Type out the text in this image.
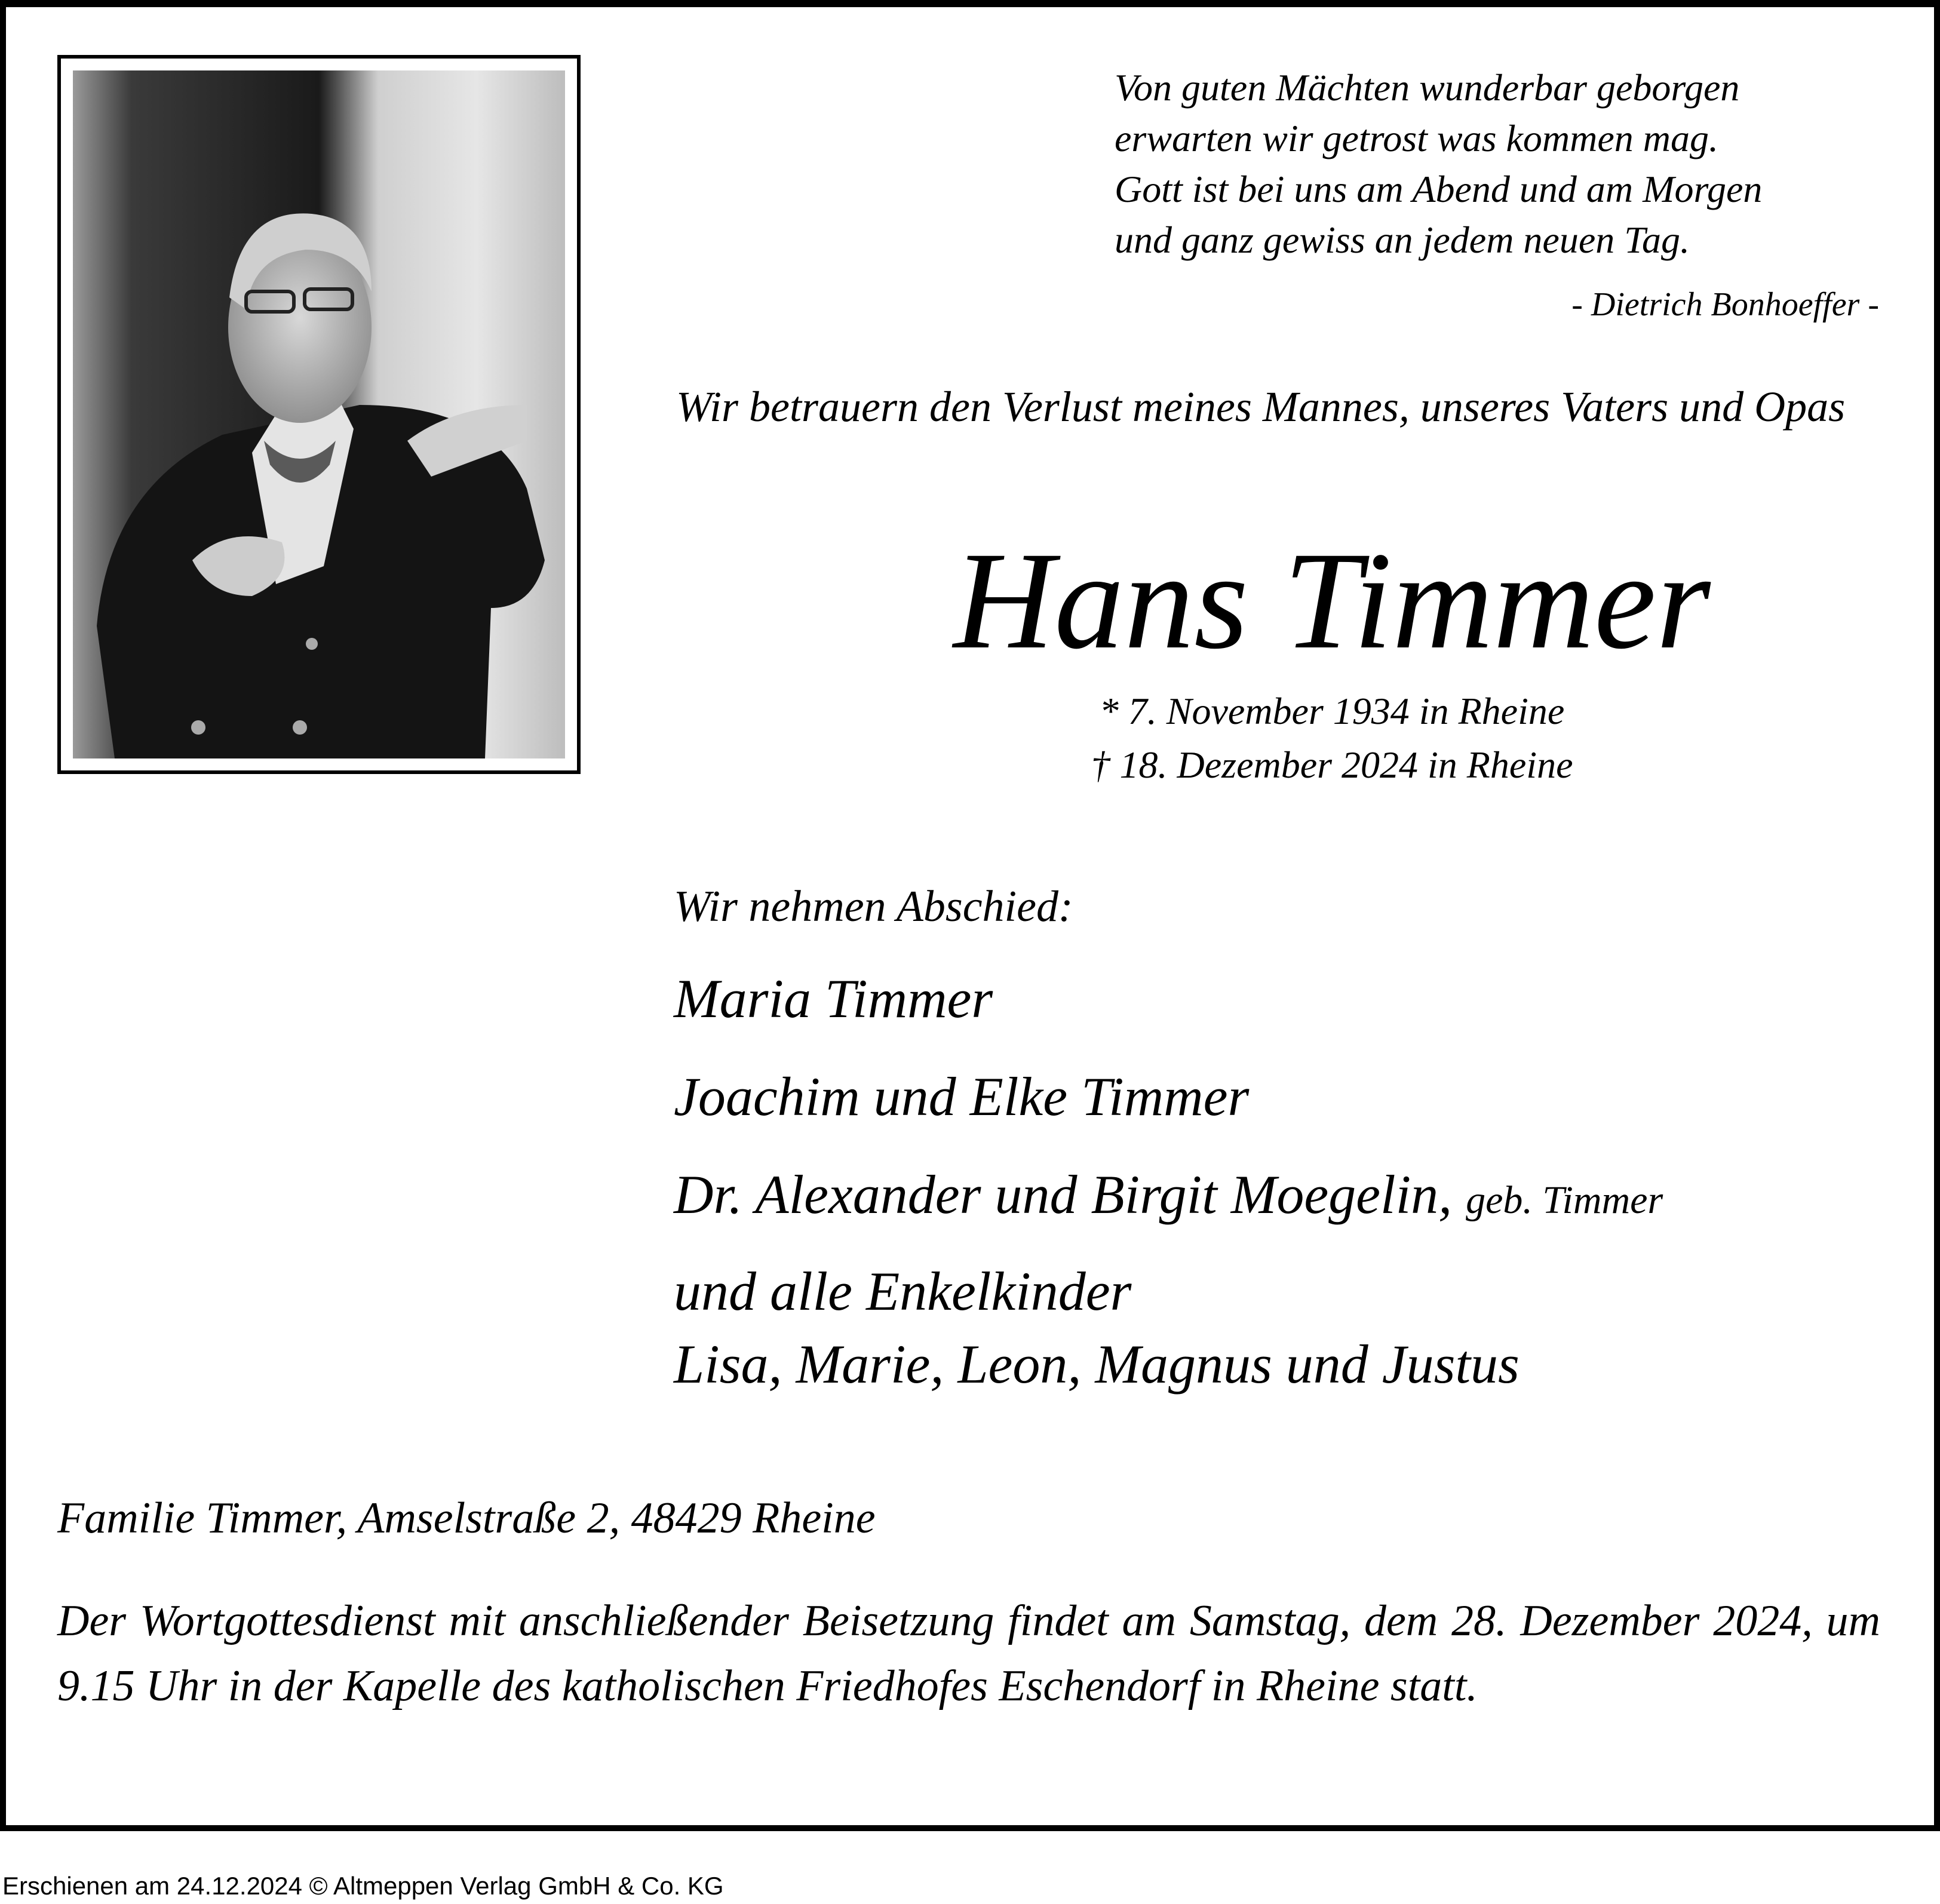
Von guten Mächten wunderbar geborgen
erwarten wir getrost was kommen mag.
Gott ist bei uns am Abend und am Morgen
und ganz gewiss an jedem neuen Tag.

- Dietrich Bonhoeffer -

Wir betrauern den Verlust meines Mannes, unseres Vaters und Opas

Hans Timmer

* 7. November 1934 in Rheine
† 18. Dezember 2024 in Rheine

Wir nehmen Abschied:

Maria Timmer

Joachim und Elke Timmer

Dr. Alexander und Birgit Moegelin, geb. Timmer

und alle Enkelkinder

Lisa, Marie, Leon, Magnus und Justus

Familie Timmer, Amselstraße 2, 48429 Rheine

Der Wortgottesdienst mit anschließender Beisetzung findet am Samstag, dem 28. Dezember 2024, um 9.15 Uhr in der Kapelle des katholischen Friedhofes Eschendorf in Rheine statt.

Erschienen am 24.12.2024 © Altmeppen Verlag GmbH & Co. KG
